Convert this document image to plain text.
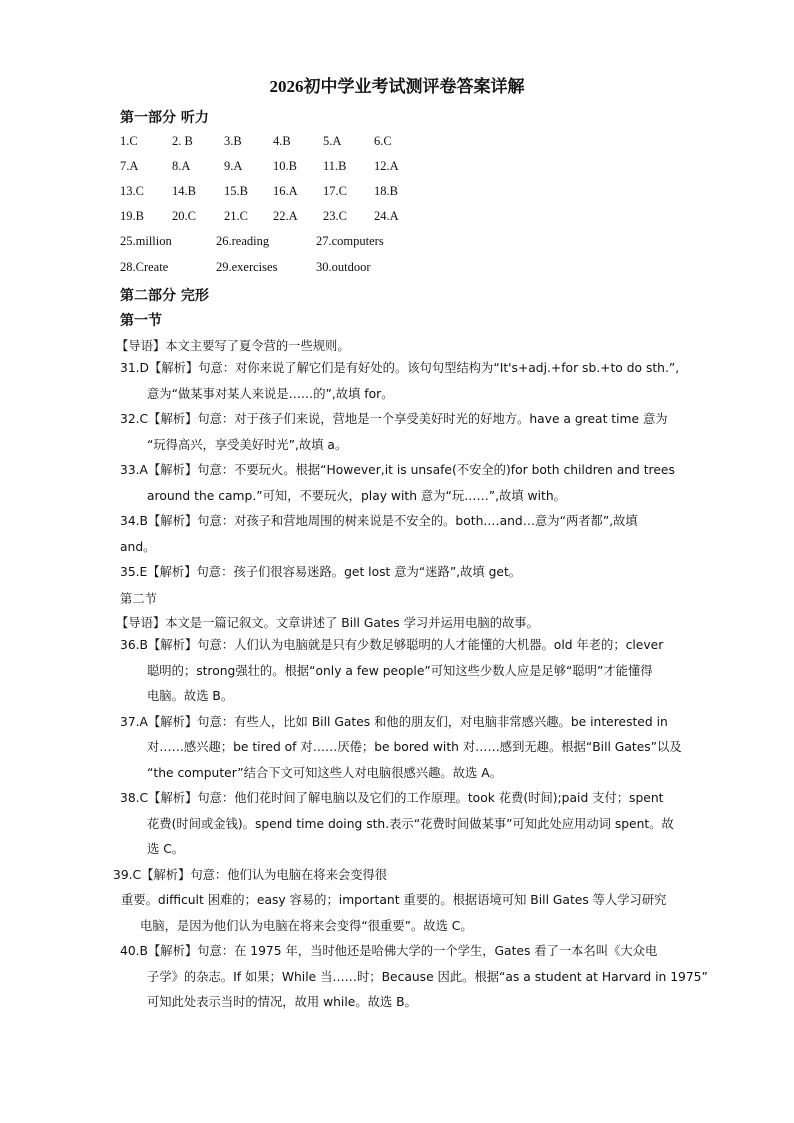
2026初中学业考试测评卷答案详解
第一部分 听力
1.C	2. B 3.B	4.B	5.A	6.C
7.A	8.A	9.A 10.B 11.B 12.A
13.C 14.B 15.B 16.A 17.C 18.B
19.B 20.C 21.C 22.A 23.C 24.A
25.million	26.reading	27.computers
28.Create	29.exercises	30.outdoor
第二部分 完形
第一节
【导语】本文主要写了夏令营的一些规则。
31.D【解析】句意：对你来说了解它们是有好处的。该句句型结构为“It's+adj.+for sb.+to do sth.”,
意为“做某事对某人来说是……的”,故填 for。
32.C【解析】句意：对于孩子们来说，营地是一个享受美好时光的好地方。have a great time 意为
“玩得高兴，享受美好时光”,故填 a。
33.A【解析】句意：不要玩火。根据“However,it is unsafe(不安全的)for both children and trees
around the camp.”可知，不要玩火，play with 意为“玩……”,故填 with。
34.B【解析】句意：对孩子和营地周围的树来说是不安全的。both.…and…意为“两者都”,故填
and。
35.E【解析】句意：孩子们很容易迷路。get lost 意为“迷路”,故填 get。
第二节
【导语】本文是一篇记叙文。文章讲述了 Bill Gates 学习并运用电脑的故事。
36.B【解析】句意：人们认为电脑就是只有少数足够聪明的人才能懂的大机器。old 年老的；clever
聪明的；strong强壮的。根据“only a few people”可知这些少数人应是足够“聪明”才能懂得
电脑。故选 B。
37.A【解析】句意：有些人，比如 Bill Gates 和他的朋友们，对电脑非常感兴趣。be interested in
对……感兴趣；be tired of 对……厌倦；be bored with 对……感到无趣。根据“Bill Gates”以及
“the computer”结合下文可知这些人对电脑很感兴趣。故选 A。
38.C【解析】句意：他们花时间了解电脑以及它们的工作原理。took 花费(时间);paid 支付；spent
花费(时间或金钱)。spend time doing sth.表示“花费时间做某事”可知此处应用动词 spent。故
选 C。
39.C【解析】句意：他们认为电脑在将来会变得很
重要。difficult 困难的；easy 容易的；important 重要的。根据语境可知 Bill Gates 等人学习研究
电脑，是因为他们认为电脑在将来会变得“很重要”。故选 C。
40.B【解析】句意：在 1975 年，当时他还是哈佛大学的一个学生，Gates 看了一本名叫《大众电
子学》的杂志。If 如果；While 当……时；Because 因此。根据“as a student at Harvard in 1975”
可知此处表示当时的情况，故用 while。故选 B。
